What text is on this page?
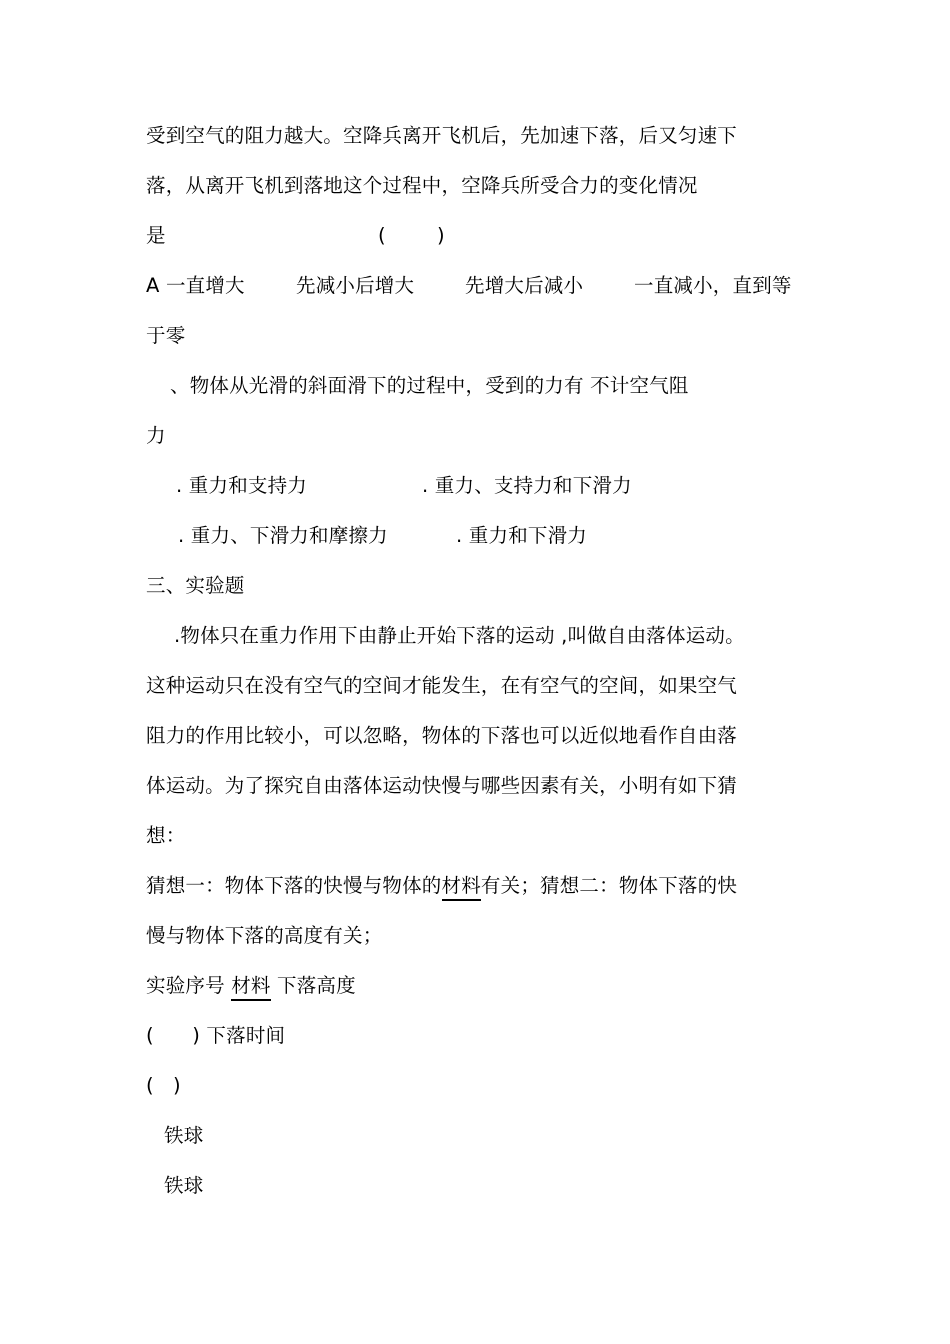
受到空气的阻力越大。空降兵离开飞机后，先加速下落，后又匀速下
落，从离开飞机到落地这个过程中，空降兵所受合力的变化情况
是	(        )
A 一直增大	先减小后增大	先增大后减小	一直减小，直到等
于零
、物体从光滑的斜面滑下的过程中，受到的力有 不计空气阻
力
. 重力和支持力	. 重力、支持力和下滑力
. 重力、下滑力和摩擦力	. 重力和下滑力
三、实验题
.物体只在重力作用下由静止开始下落的运动 ,叫做自由落体运动。
这种运动只在没有空气的空间才能发生，在有空气的空间，如果空气
阻力的作用比较小，可以忽略，物体的下落也可以近似地看作自由落
体运动。为了探究自由落体运动快慢与哪些因素有关，小明有如下猜
想：
猜想一：物体下落的快慢与物体的材料有关；猜想二：物体下落的快
慢与物体下落的高度有关；
实验序号 材料 下落高度
(      ) 下落时间
(   )
铁球
铁球
